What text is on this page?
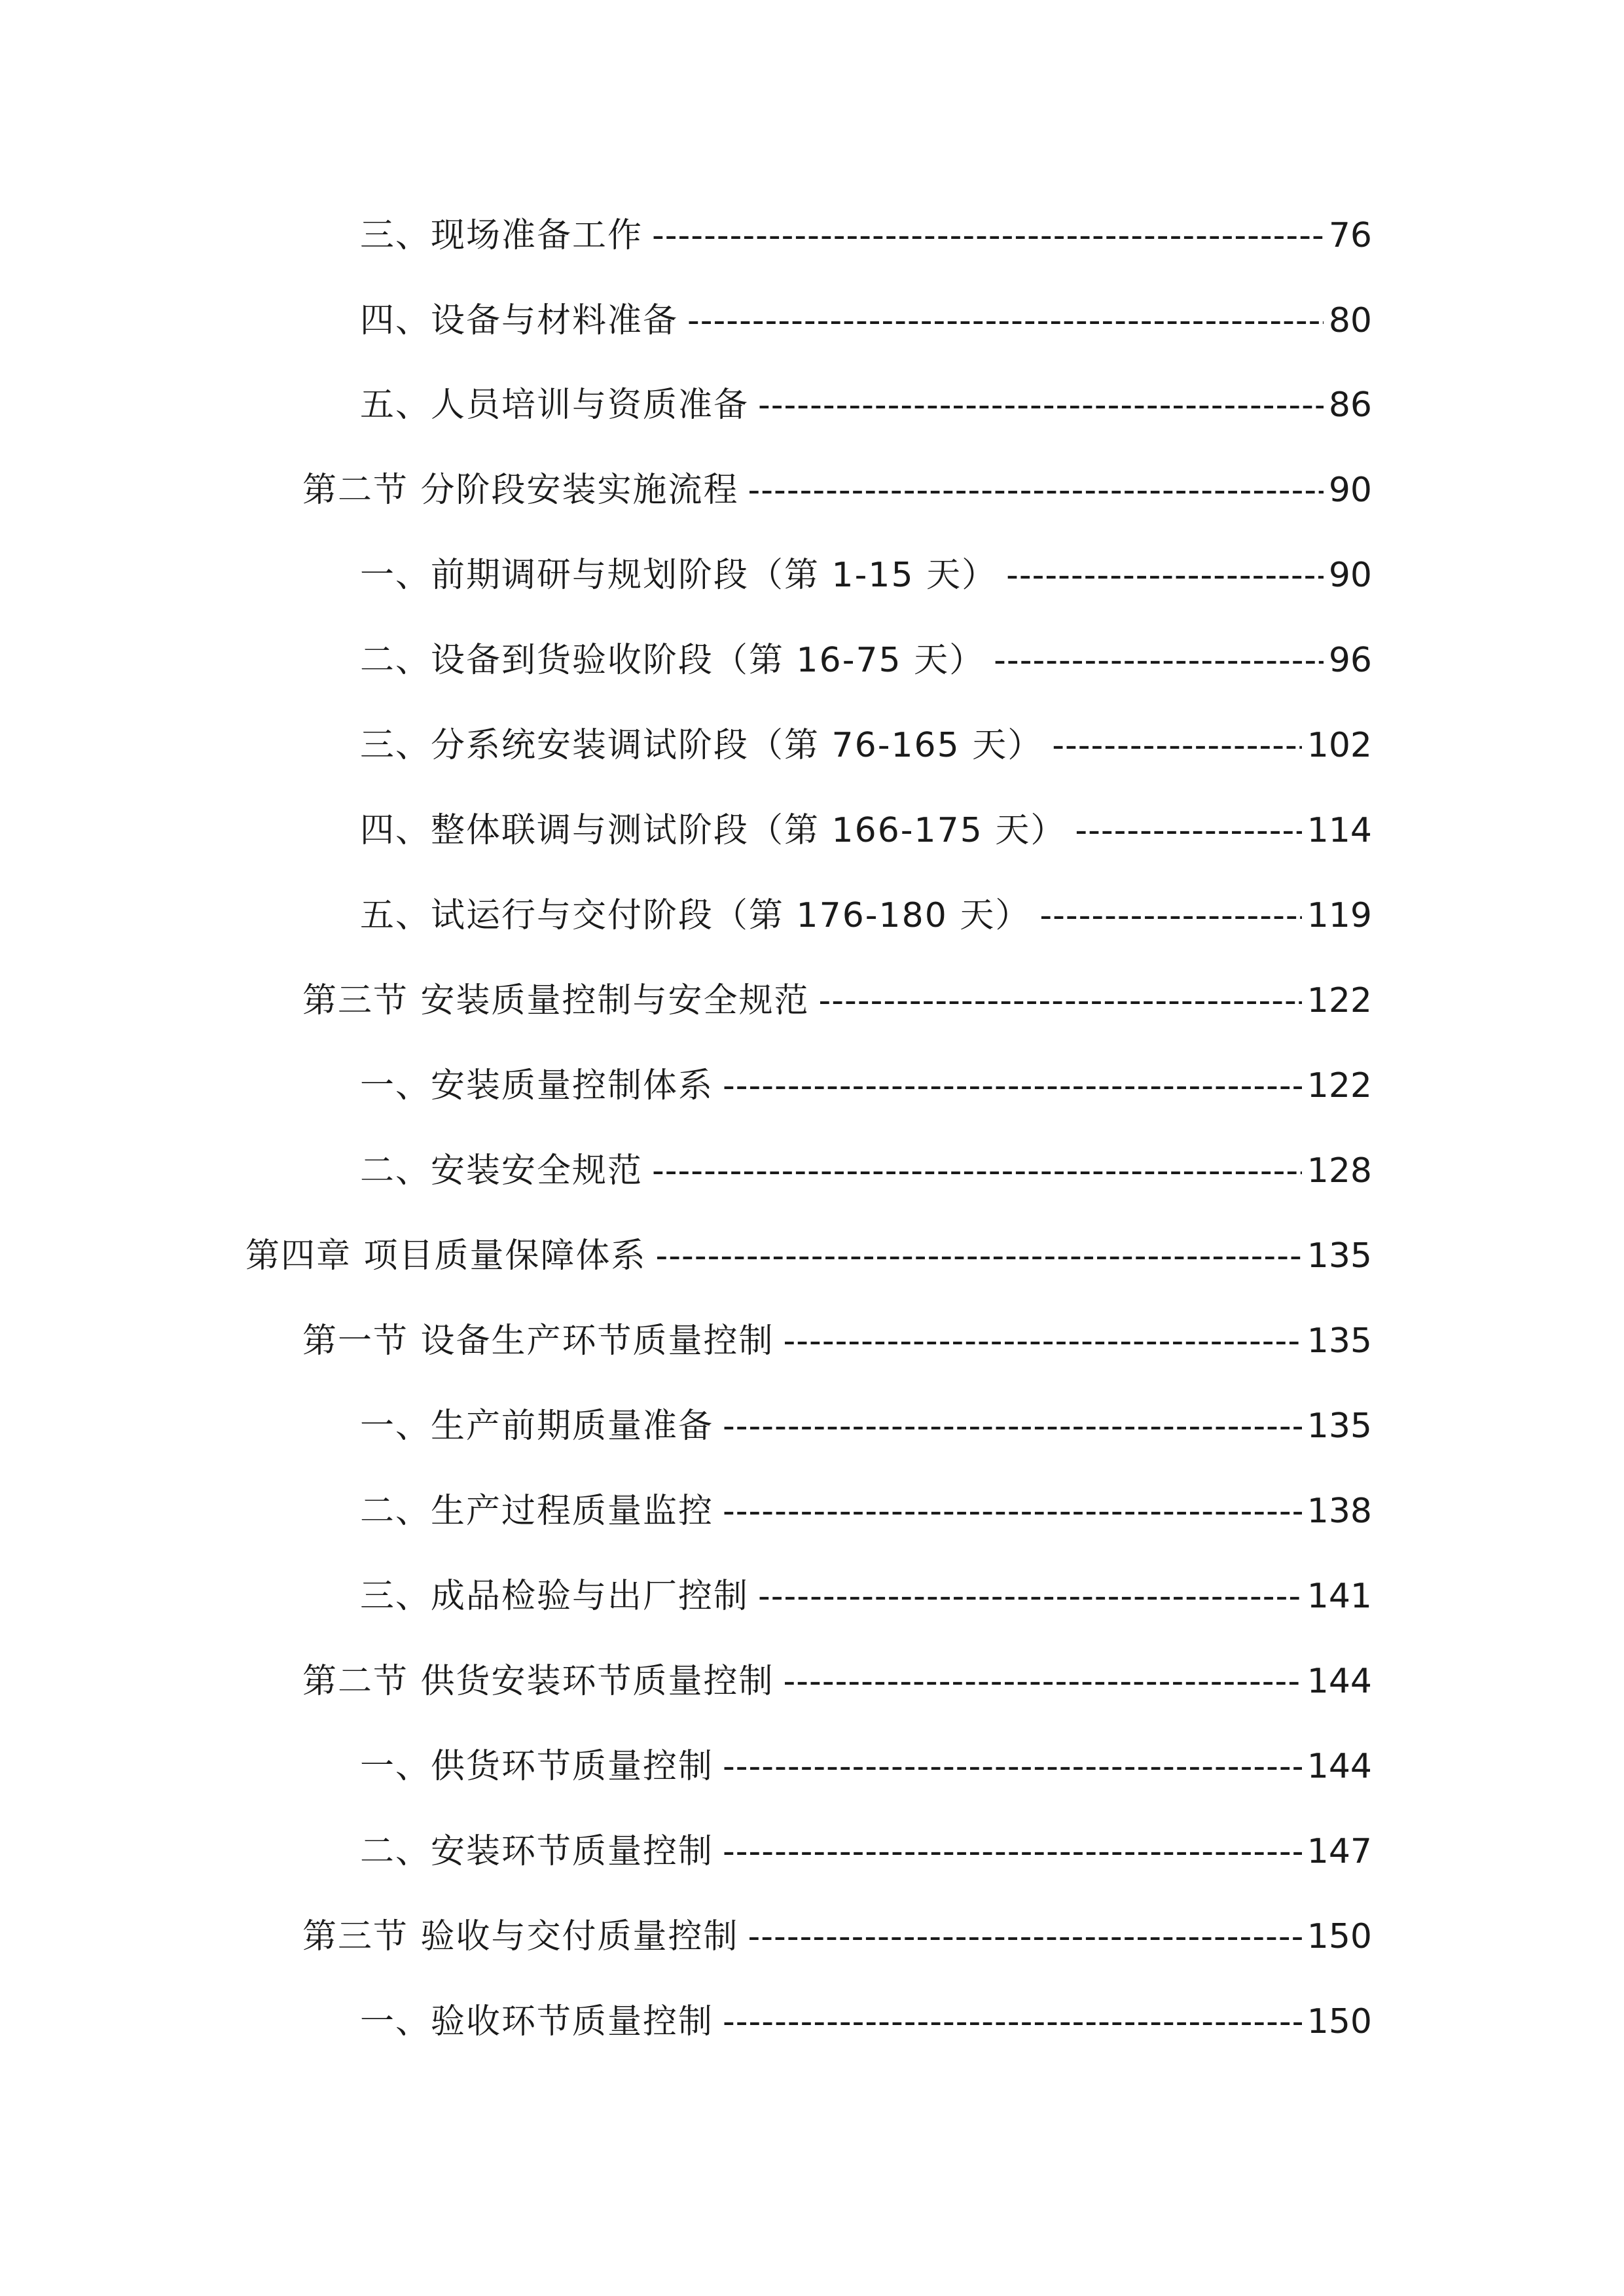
三、现场准备工作 -----	76
四、设备与材料准备 -----	80
五、人员培训与资质准备 -----	86
第二节 分阶段安装实施流程 -----	90
一、前期调研与规划阶段（第 1-15 天） -----	90
二、设备到货验收阶段（第 16-75 天） -----	96
三、分系统安装调试阶段（第 76-165 天） -----	102
四、整体联调与测试阶段（第 166-175 天） -----	114
五、试运行与交付阶段（第 176-180 天） -----	119
第三节 安装质量控制与安全规范 -----	122
一、安装质量控制体系 -----	122
二、安装安全规范 -----	128
第四章 项目质量保障体系 -----	135
第一节 设备生产环节质量控制 -----	135
一、生产前期质量准备 -----	135
二、生产过程质量监控 -----	138
三、成品检验与出厂控制 -----	141
第二节 供货安装环节质量控制 -----	144
一、供货环节质量控制 -----	144
二、安装环节质量控制 -----	147
第三节 验收与交付质量控制 -----	150
一、验收环节质量控制 -----	150
